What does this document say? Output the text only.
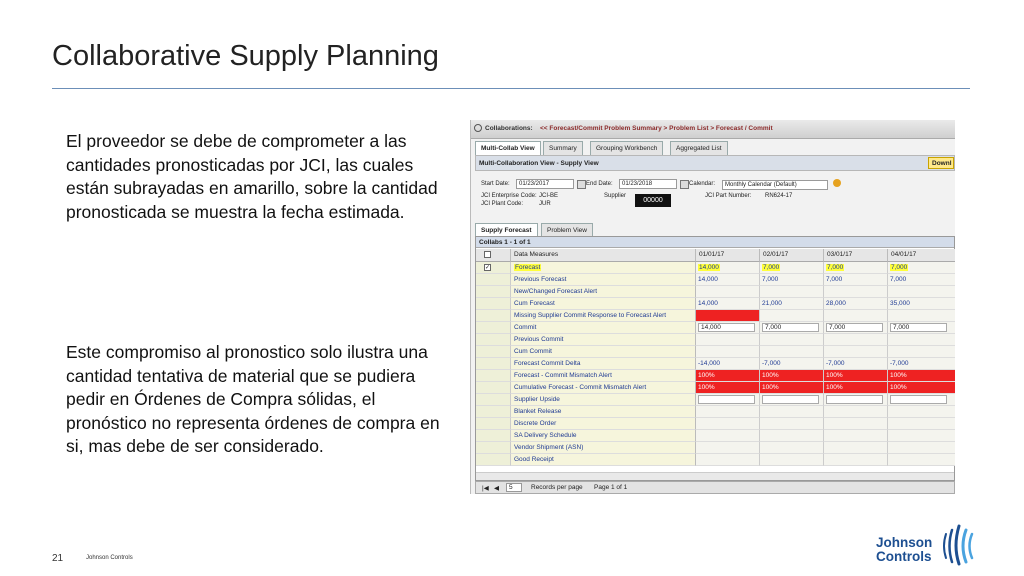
Collaborative Supply Planning
El proveedor se debe de comprometer a las cantidades pronosticadas por JCI, las cuales están subrayadas en amarillo, sobre la cantidad pronosticada se muestra la fecha estimada.
Este compromiso al pronostico solo ilustra una cantidad tentativa de material que se pudiera pedir en Órdenes de Compra sólidas, el pronóstico no representa órdenes de compra en si, mas debe de ser considerado.
Collaborations: << Forecast/Commit Problem Summary > Problem List > Forecast / Commit
Multi-Collab View	Summary	Grouping Workbench	Aggregated List
Multi-Collaboration View - Supply View	Downl
Start Date:	01/23/2017	End Date:	01/23/2018	Calendar:	Monthly Calendar (Default)
JCI Enterprise Code: JCI-BE
JCI Plant Code:	JUR
Supplier
00000
JCI Part Number: RN624-17
Supply Forecast	Problem View
Collabs 1 - 1 of 1
Data Measures	01/01/17	02/01/17	03/01/17	04/01/17
✓	Forecast	14,000	7,000	7,000	7,000
Previous Forecast	14,000	7,000	7,000	7,000
New/Changed Forecast Alert
Cum Forecast	14,000	21,000	28,000	35,000
Missing Supplier Commit Response to Forecast Alert
Commit	14,000	7,000	7,000	7,000
Previous Commit
Cum Commit
Forecast Commit Delta	-14,000	-7,000	-7,000	-7,000
Forecast - Commit Mismatch Alert	100%	100%	100%	100%
Cumulative Forecast - Commit Mismatch Alert	100%	100%	100%	100%
Supplier Upside
Blanket Release
Discrete Order
SA Delivery Schedule
Vendor Shipment (ASN)
Good Receipt
|◀ ◀	5	Records per page Page 1 of 1
21	Johnson Controls
Johnson
Controls
